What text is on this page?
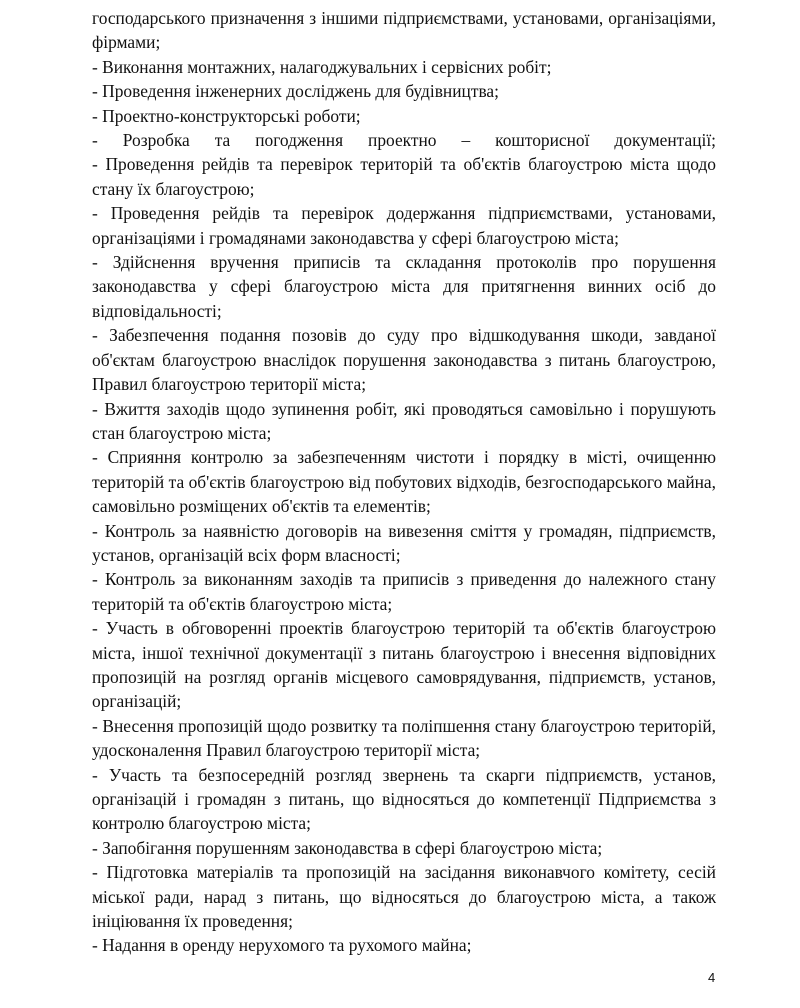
господарського призначення з іншими підприємствами, установами, організаціями, фірмами;

- Виконання монтажних, налагоджувальних і сервісних робіт;

- Проведення інженерних досліджень для будівництва;

- Проектно-конструкторські роботи;

- Розробка та погодження проектно – кошторисної документації;

- Проведення рейдів та перевірок територій та об'єктів благоустрою міста щодо стану їх благоустрою;

- Проведення рейдів та перевірок додержання підприємствами, установами, організаціями і громадянами законодавства у сфері благоустрою міста;

- Здійснення вручення приписів та складання протоколів про порушення законодавства у сфері благоустрою міста для притягнення винних осіб до відповідальності;

- Забезпечення подання позовів до суду про відшкодування шкоди, завданої об'єктам благоустрою внаслідок порушення законодавства з питань благоустрою, Правил благоустрою території міста;

- Вжиття заходів щодо зупинення робіт, які проводяться самовільно і порушують стан благоустрою міста;

- Сприяння контролю за забезпеченням чистоти і порядку в місті, очищенню територій та об'єктів благоустрою від побутових відходів, безгосподарського майна, самовільно розміщених об'єктів та елементів;

- Контроль за наявністю договорів на вивезення сміття у громадян, підприємств, установ, організацій всіх форм власності;

- Контроль за виконанням заходів та приписів з приведення до належного стану територій та об'єктів благоустрою міста;

- Участь в обговоренні проектів благоустрою територій та об'єктів благоустрою міста, іншої технічної документації з питань благоустрою і внесення відповідних пропозицій на розгляд органів місцевого самоврядування, підприємств, установ, організацій;

- Внесення пропозицій щодо розвитку та поліпшення стану благоустрою територій, удосконалення Правил благоустрою території міста;

- Участь та безпосередній розгляд звернень та скарги підприємств, установ, організацій і громадян з питань, що відносяться до компетенції Підприємства з контролю благоустрою міста;

- Запобігання порушенням законодавства в сфері благоустрою міста;

- Підготовка матеріалів та пропозицій на засідання виконавчого комітету, сесій міської ради, нарад з питань, що відносяться до благоустрою міста, а також ініціювання їх проведення;

- Надання в оренду нерухомого та рухомого майна;

4
